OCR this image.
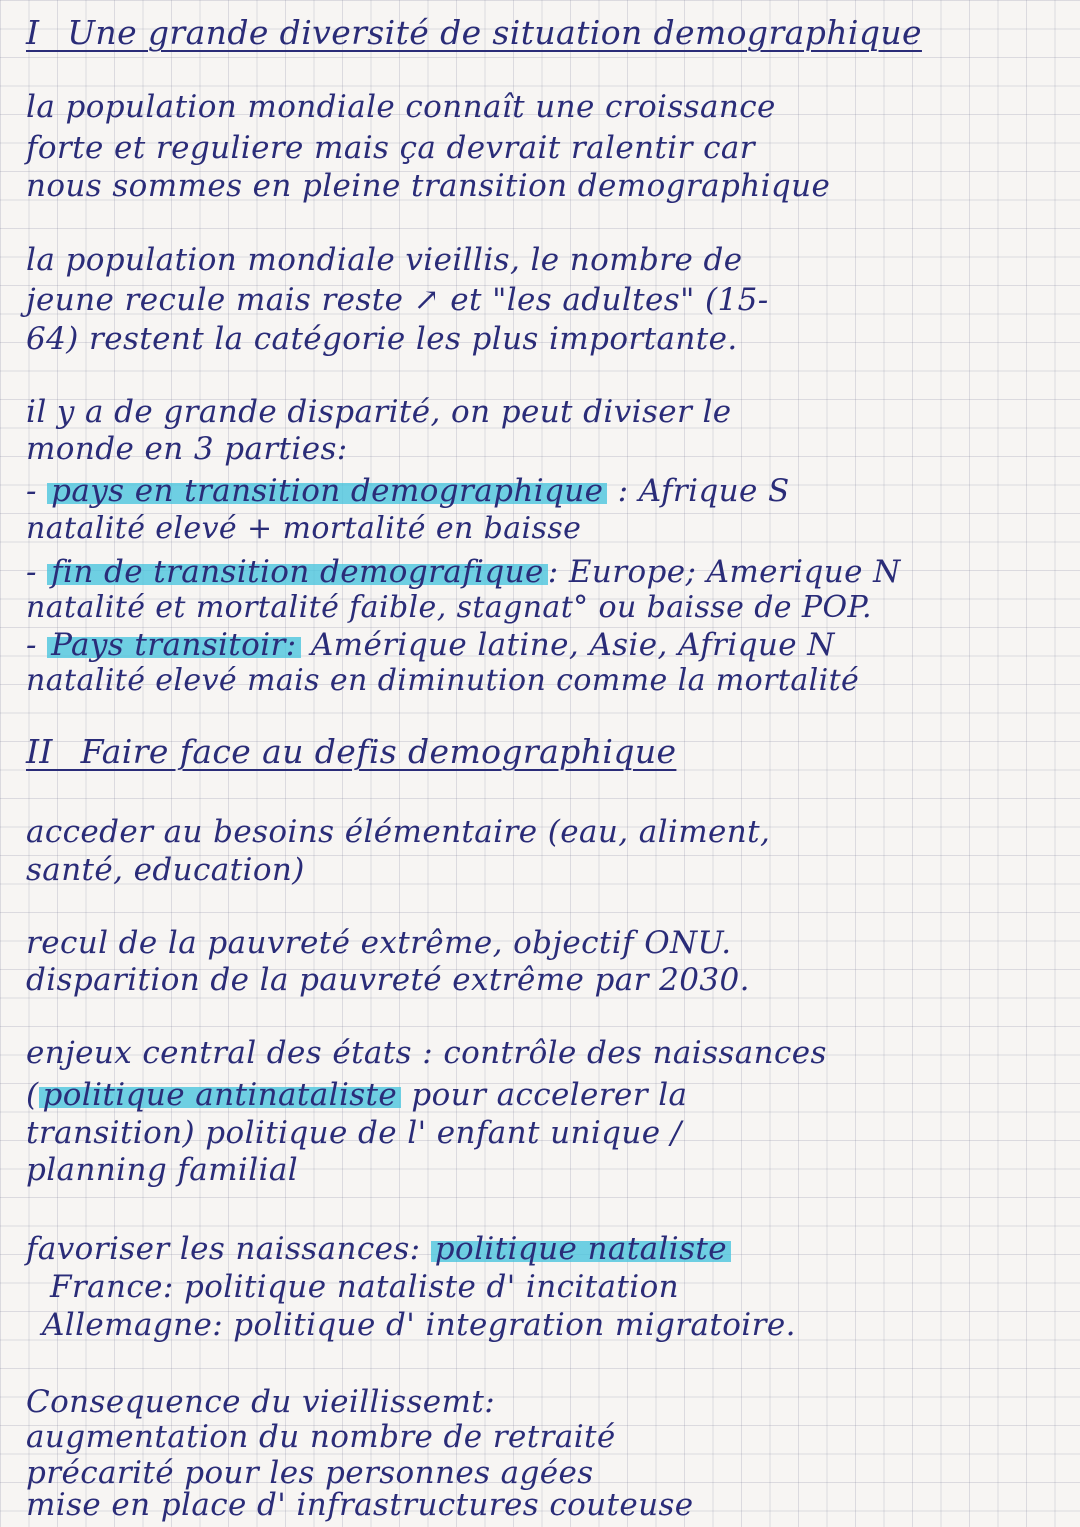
I_ Une grande diversité de situation demographique
la population mondiale connaît une croissance
forte et reguliere mais ça devrait ralentir car
nous sommes en pleine transition demographique
la population mondiale vieillis, le nombre de
jeune recule mais reste ↗ et "les adultes" (15-
64) restent la catégorie les plus importante.
il y a de grande disparité, on peut diviser le
monde en 3 parties:
- pays en transition demographique : Afrique S
natalité elevé + mortalité en baisse
- fin de transition demografique : Europe; Amerique N
natalité et mortalité faible, stagnat° ou baisse de POP.
- Pays transitoir: Amérique latine, Asie, Afrique N
natalité elevé mais en diminution comme la mortalité
II_ Faire face au defis demographique
acceder au besoins élémentaire (eau, aliment,
santé, education)
recul de la pauvreté extrême, objectif ONU.
disparition de la pauvreté extrême par 2030.
enjeux central des états : contrôle des naissances
( politique antinataliste pour accelerer la
transition) politique de l' enfant unique /
planning familial
favoriser les naissances: politique nataliste
France: politique nataliste d' incitation
Allemagne: politique d' integration migratoire.
Consequence du vieillissemt:
augmentation du nombre de retraité
précarité pour les personnes agées
mise en place d' infrastructures couteuse
